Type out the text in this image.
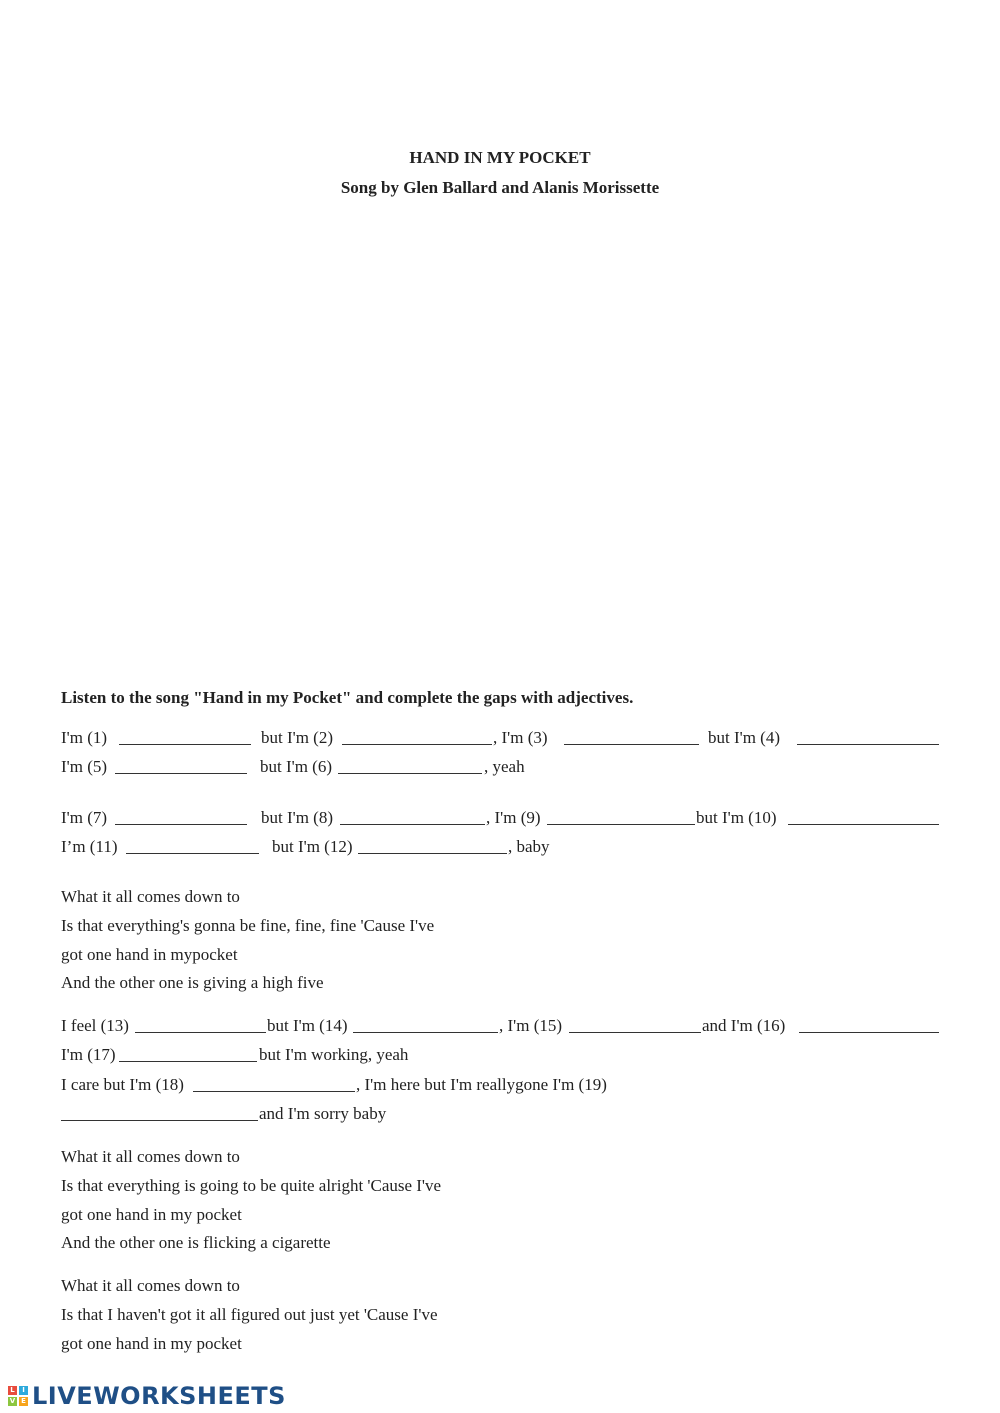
HAND IN MY POCKET
Song by Glen Ballard and Alanis Morissette
Listen to the song "Hand in my Pocket" and complete the gaps with adjectives.
I'm (1)	but I'm (2)	, I'm (3)	but I'm (4)
I'm (5)	but I'm (6)	, yeah
I'm (7)	but I'm (8)	, I'm (9)	but I'm (10)
I’m (11)	but I'm (12)	, baby
What it all comes down to
Is that everything's gonna be fine, fine, fine 'Cause I've
got one hand in mypocket
And the other one is giving a high five
I feel (13)	but I'm (14)	, I'm (15)	and I'm (16)
I'm (17)	but I'm working, yeah
I care but I'm (18)	, I'm here but I'm reallygone I'm (19)
and I'm sorry baby
What it all comes down to
Is that everything is going to be quite alright 'Cause I've
got one hand in my pocket
And the other one is flicking a cigarette
What it all comes down to
Is that I haven't got it all figured out just yet 'Cause I've
got one hand in my pocket
L	I
V E LIVEWORKSHEETS
